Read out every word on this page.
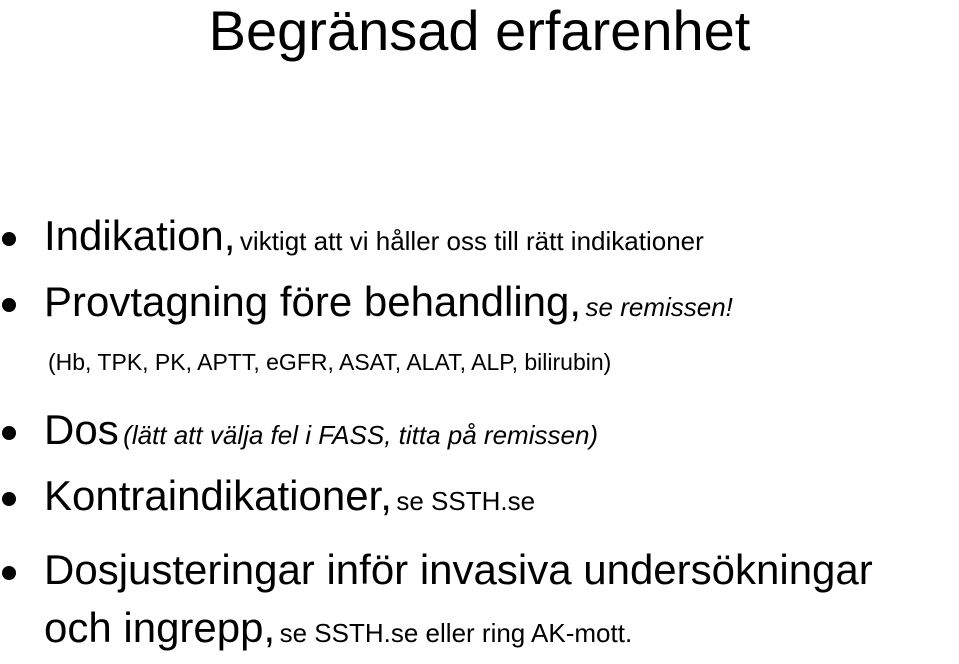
Begränsad erfarenhet
Indikation, viktigt att vi håller oss till rätt indikationer
Provtagning före behandling, se remissen!
(Hb, TPK, PK, APTT, eGFR, ASAT, ALAT, ALP, bilirubin)
Dos (lätt att välja fel i FASS, titta på remissen)
Kontraindikationer, se SSTH.se
Dosjusteringar inför invasiva undersökningar
och ingrepp, se SSTH.se eller ring AK-mott.
